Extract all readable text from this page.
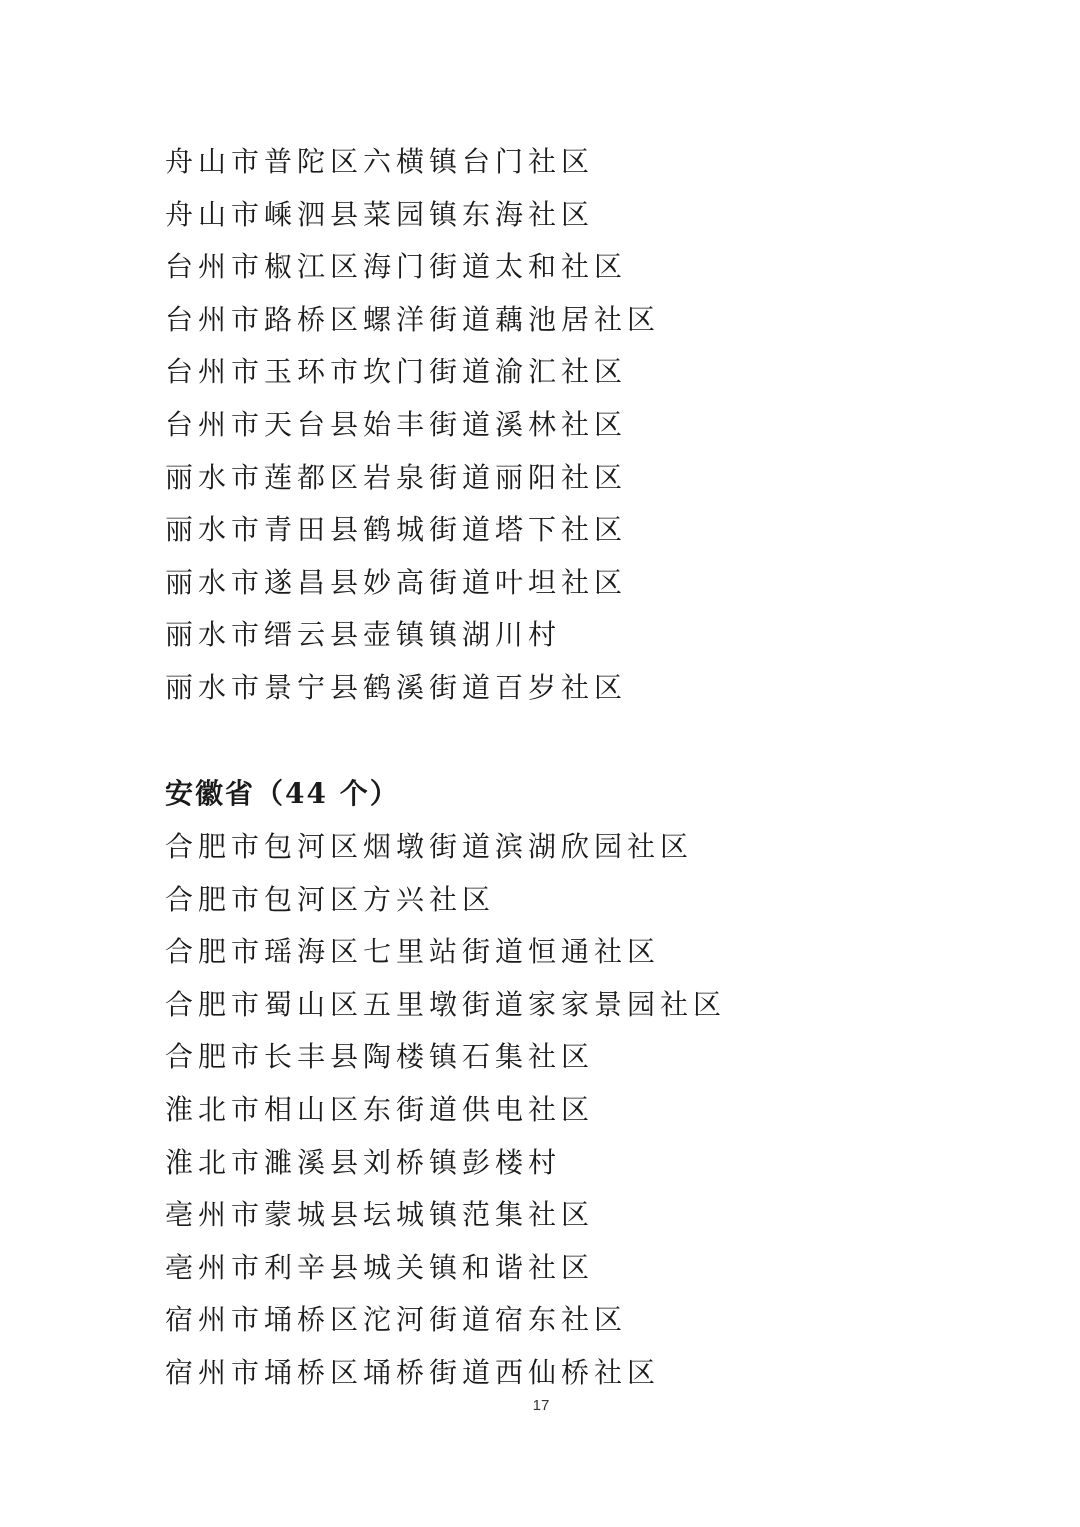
舟山市普陀区六横镇台门社区
舟山市嵊泗县菜园镇东海社区
台州市椒江区海门街道太和社区
台州市路桥区螺洋街道藕池居社区
台州市玉环市坎门街道渝汇社区
台州市天台县始丰街道溪林社区
丽水市莲都区岩泉街道丽阳社区
丽水市青田县鹤城街道塔下社区
丽水市遂昌县妙高街道叶坦社区
丽水市缙云县壶镇镇湖川村
丽水市景宁县鹤溪街道百岁社区
安徽省（44 个）
合肥市包河区烟墩街道滨湖欣园社区
合肥市包河区方兴社区
合肥市瑶海区七里站街道恒通社区
合肥市蜀山区五里墩街道家家景园社区
合肥市长丰县陶楼镇石集社区
淮北市相山区东街道供电社区
淮北市濉溪县刘桥镇彭楼村
亳州市蒙城县坛城镇范集社区
亳州市利辛县城关镇和谐社区
宿州市埇桥区沱河街道宿东社区
宿州市埇桥区埇桥街道西仙桥社区
17
